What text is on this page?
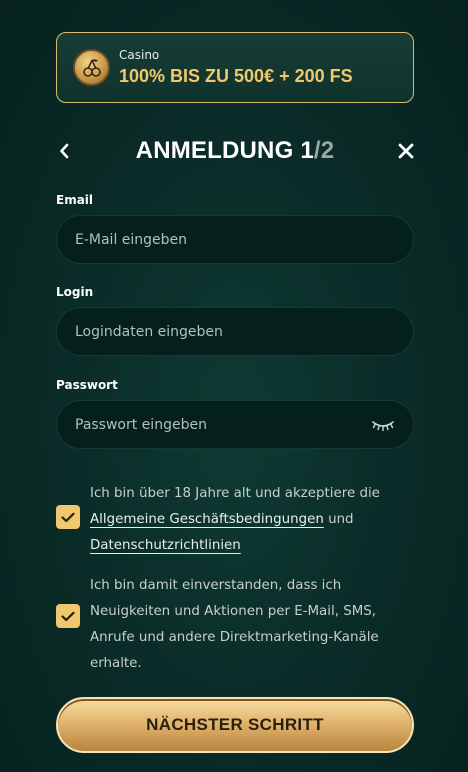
Casino
100% BIS ZU 500€ + 200 FS
ANMELDUNG 1/2
Email
E-Mail eingeben
Login
Logindaten eingeben
Passwort
Ich bin über 18 Jahre alt und akzeptiere die Allgemeine Geschäftsbedingungen und
Datenschutzrichtlinien
Ich bin damit einverstanden, dass ich Neuigkeiten und Aktionen per E-Mail, SMS, Anrufe und andere Direktmarketing-Kanäle erhalte.
NÄCHSTER SCHRITT
